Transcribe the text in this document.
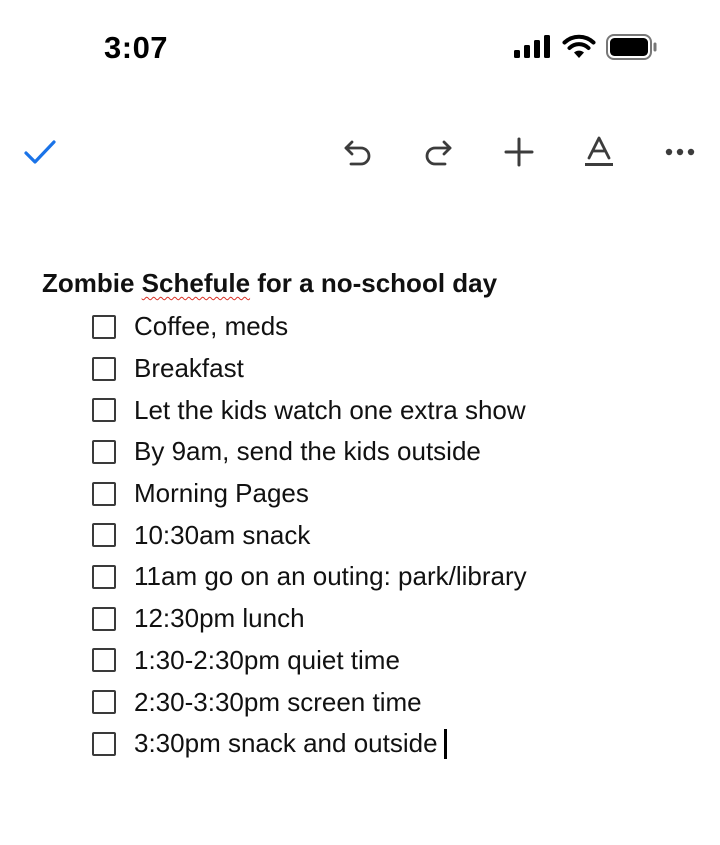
3:07
Zombie Schefule for a no-school day
Coffee, meds
Breakfast
Let the kids watch one extra show
By 9am, send the kids outside
Morning Pages
10:30am snack
11am go on an outing: park/library
12:30pm lunch
1:30-2:30pm quiet time
2:30-3:30pm screen time
3:30pm snack and outside
